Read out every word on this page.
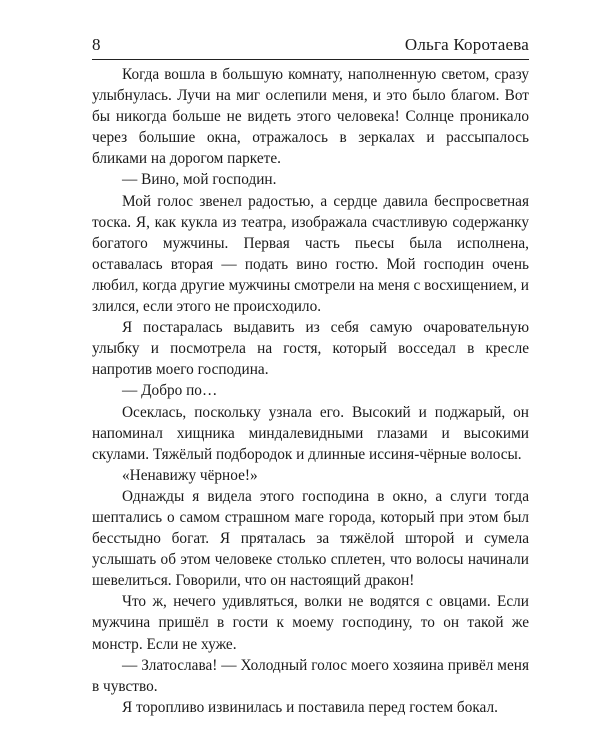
8	Ольга Коротаева

Когда вошла в большую комнату, наполненную светом, сразу улыбнулась. Лучи на миг ослепили меня, и это было благом. Вот бы никогда больше не видеть этого человека! Солнце проникало через большие окна, отражалось в зеркалах и рассыпалось бликами на дорогом паркете.

— Вино, мой господин.

Мой голос звенел радостью, а сердце давила беспросветная тоска. Я, как кукла из театра, изображала счастливую содержанку богатого мужчины. Первая часть пьесы была исполнена, оставалась вторая — подать вино гостю. Мой господин очень любил, когда другие мужчины смотрели на меня с восхищением, и злился, если этого не происходило.

Я постаралась выдавить из себя самую очаровательную улыбку и посмотрела на гостя, который восседал в кресле напротив моего господина.

— Добро по…

Осеклась, поскольку узнала его. Высокий и поджарый, он напоминал хищника миндалевидными глазами и высокими скулами. Тяжёлый подбородок и длинные иссиня-чёрные волосы.

«Ненавижу чёрное!»

Однажды я видела этого господина в окно, а слуги тогда шептались о самом страшном маге города, который при этом был бесстыдно богат. Я пряталась за тяжёлой шторой и сумела услышать об этом человеке столько сплетен, что волосы начинали шевелиться. Говорили, что он настоящий дракон!

Что ж, нечего удивляться, волки не водятся с овцами. Если мужчина пришёл в гости к моему господину, то он такой же монстр. Если не хуже.

— Златослава! — Холодный голос моего хозяина привёл меня в чувство.

Я торопливо извинилась и поставила перед гостем бокал.
